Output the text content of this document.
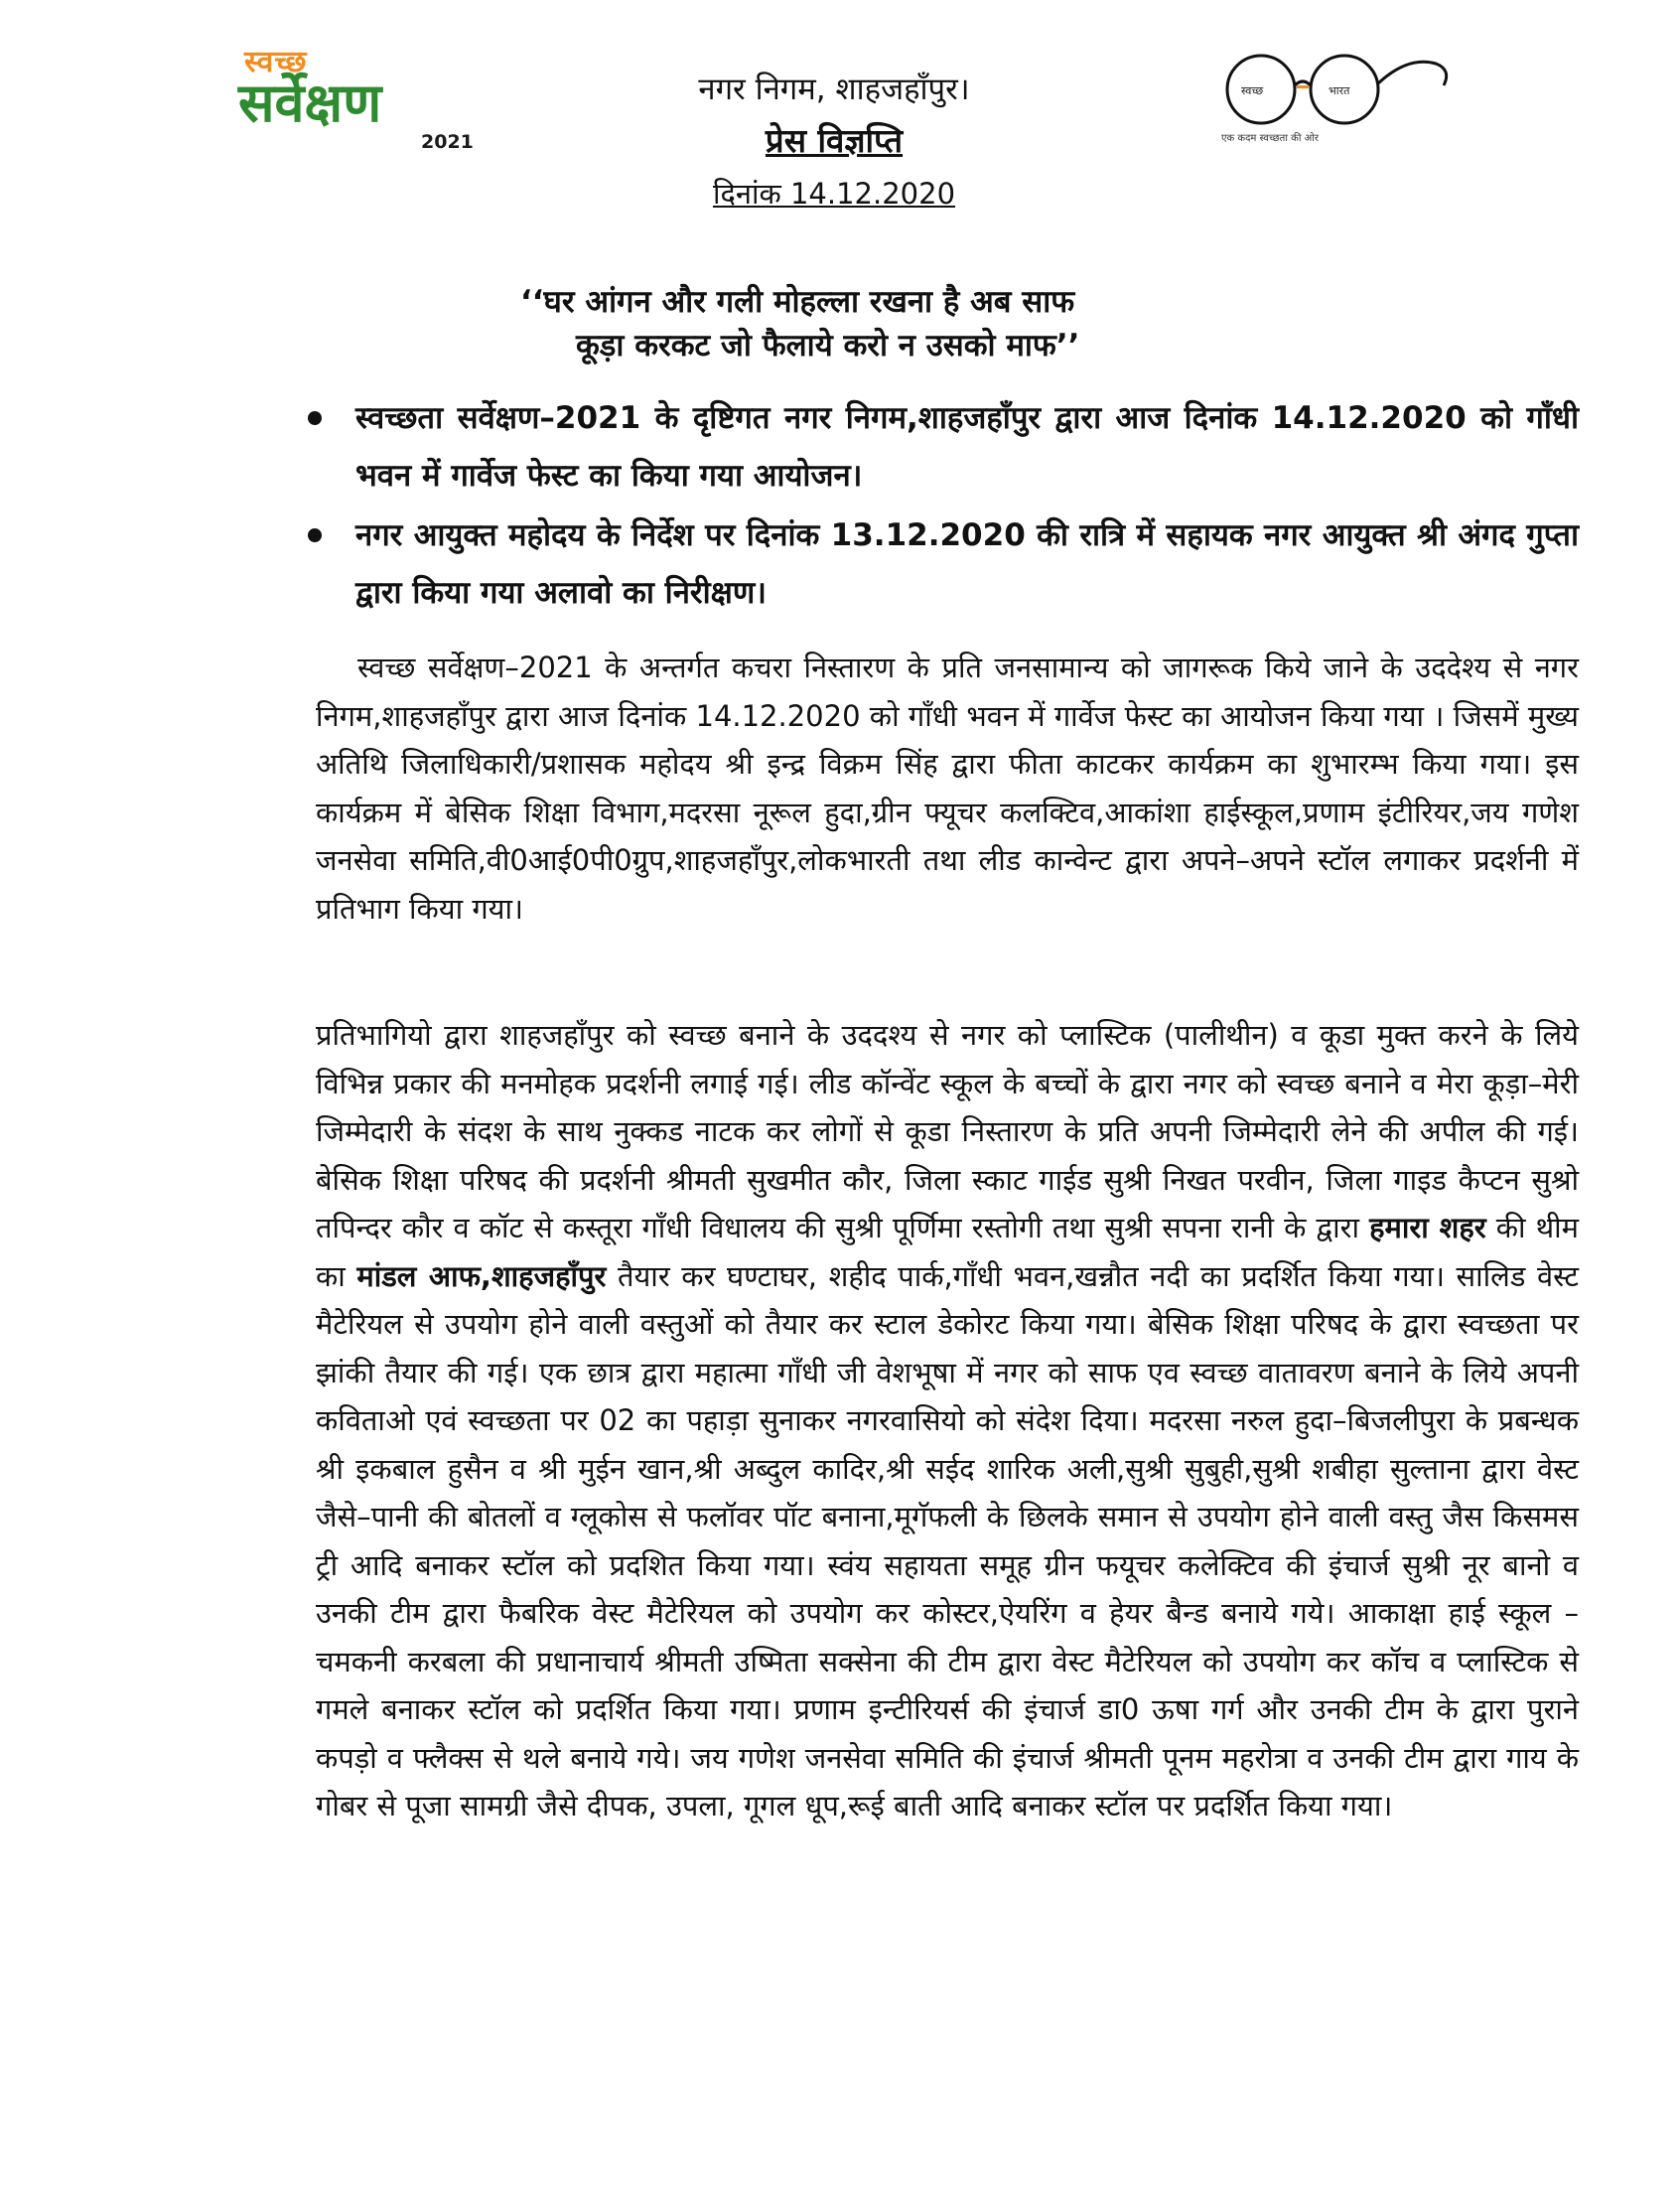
स्वच्छ
सर्वेक्षण
2021
नगर निगम, शाहजहाँपुर।
प्रेस विज्ञप्ति
दिनांक 14.12.2020
स्वच्छ	भारत
एक कदम स्वच्छता की ओर
‘‘घर आंगन और गली मोहल्ला रखना है अब साफ
कूड़ा करकट जो फैलाये करो न उसको माफ’’
स्वच्छता सर्वेक्षण–2021 के दृष्टिगत नगर निगम,शाहजहाँपुर द्वारा आज दिनांक 14.12.2020 को गाँधी भवन में गार्वेज फेस्ट का किया गया आयोजन।
नगर आयुक्त महोदय के निर्देश पर दिनांक 13.12.2020 की रात्रि में सहायक नगर आयुक्त श्री अंगद गुप्ता द्वारा किया गया अलावो का निरीक्षण।
स्वच्छ सर्वेक्षण–2021 के अन्तर्गत कचरा निस्तारण के प्रति जनसामान्य को जागरूक किये जाने के उददेश्य से नगर निगम,शाहजहाँपुर द्वारा आज दिनांक 14.12.2020 को गाँधी भवन में गार्वेज फेस्ट का आयोजन किया गया । जिसमें मुख्य अतिथि जिलाधिकारी/प्रशासक महोदय श्री इन्द्र विक्रम सिंह द्वारा फीता काटकर कार्यक्रम का शुभारम्भ किया गया। इस कार्यक्रम में बेसिक शिक्षा विभाग,मदरसा नूरूल हुदा,ग्रीन फ्यूचर कलक्टिव,आकांशा हाईस्कूल,प्रणाम इंटीरियर,जय गणेश जनसेवा समिति,वी0आई0पी0ग्रुप,शाहजहाँपुर,लोकभारती तथा लीड कान्वेन्ट द्वारा अपने–अपने स्टॉल लगाकर प्रदर्शनी में प्रतिभाग किया गया।
प्रतिभागियो द्वारा शाहजहाँपुर को स्वच्छ बनाने के उददश्य से नगर को प्लास्टिक (पालीथीन) व कूडा मुक्त करने के लिये विभिन्न प्रकार की मनमोहक प्रदर्शनी लगाई गई। लीड कॉन्वेंट स्कूल के बच्चों के द्वारा नगर को स्वच्छ बनाने व मेरा कूड़ा–मेरी जिम्मेदारी के संदश के साथ नुक्कड नाटक कर लोगों से कूडा निस्तारण के प्रति अपनी जिम्मेदारी लेने की अपील की गई। बेसिक शिक्षा परिषद की प्रदर्शनी श्रीमती सुखमीत कौर, जिला स्काट गाईड सुश्री निखत परवीन, जिला गाइड कैप्टन सुश्रो तपिन्दर कौर व कॉट से कस्तूरा गाँधी विधालय की सुश्री पूर्णिमा रस्तोगी तथा सुश्री सपना रानी के द्वारा हमारा शहर की थीम का मांडल आफ,शाहजहाँपुर तैयार कर घण्टाघर, शहीद पार्क,गाँधी भवन,खन्नौत नदी का प्रदर्शित किया गया। सालिड वेस्ट मैटेरियल से उपयोग होने वाली वस्तुओं को तैयार कर स्टाल डेकोरट किया गया। बेसिक शिक्षा परिषद के द्वारा स्वच्छता पर झांकी तैयार की गई। एक छात्र द्वारा महात्मा गाँधी जी वेशभूषा में नगर को साफ एव स्वच्छ वातावरण बनाने के लिये अपनी कविताओ एवं स्वच्छता पर 02 का पहाड़ा सुनाकर नगरवासियो को संदेश दिया। मदरसा नरुल हुदा–बिजलीपुरा के प्रबन्धक श्री इकबाल हुसैन व श्री मुईन खान,श्री अब्दुल कादिर,श्री सईद शारिक अली,सुश्री सुबुही,सुश्री शबीहा सुल्ताना द्वारा वेस्ट जैसे–पानी की बोतलों व ग्लूकोस से फलॉवर पॉट बनाना,मूगॅफली के छिलके समान से उपयोग होने वाली वस्तु जैस किसमस ट्री आदि बनाकर स्टॉल को प्रदशित किया गया। स्वंय सहायता समूह ग्रीन फयूचर कलेक्टिव की इंचार्ज सुश्री नूर बानो व उनकी टीम द्वारा फैबरिक वेस्ट मैटेरियल को उपयोग कर कोस्टर,ऐयरिंग व हेयर बैन्ड बनाये गये। आकाक्षा हाई स्कूल –चमकनी करबला की प्रधानाचार्य श्रीमती उष्मिता सक्सेना की टीम द्वारा वेस्ट मैटेरियल को उपयोग कर कॉच व प्लास्टिक से गमले बनाकर स्टॉल को प्रदर्शित किया गया। प्रणाम इन्टीरियर्स की इंचार्ज डा0 ऊषा गर्ग और उनकी टीम के द्वारा पुराने कपड़ो व फ्लैक्स से थले बनाये गये। जय गणेश जनसेवा समिति की इंचार्ज श्रीमती पूनम महरोत्रा व उनकी टीम द्वारा गाय के गोबर से पूजा सामग्री जैसे दीपक, उपला, गूगल धूप,रूई बाती आदि बनाकर स्टॉल पर प्रदर्शित किया गया।
